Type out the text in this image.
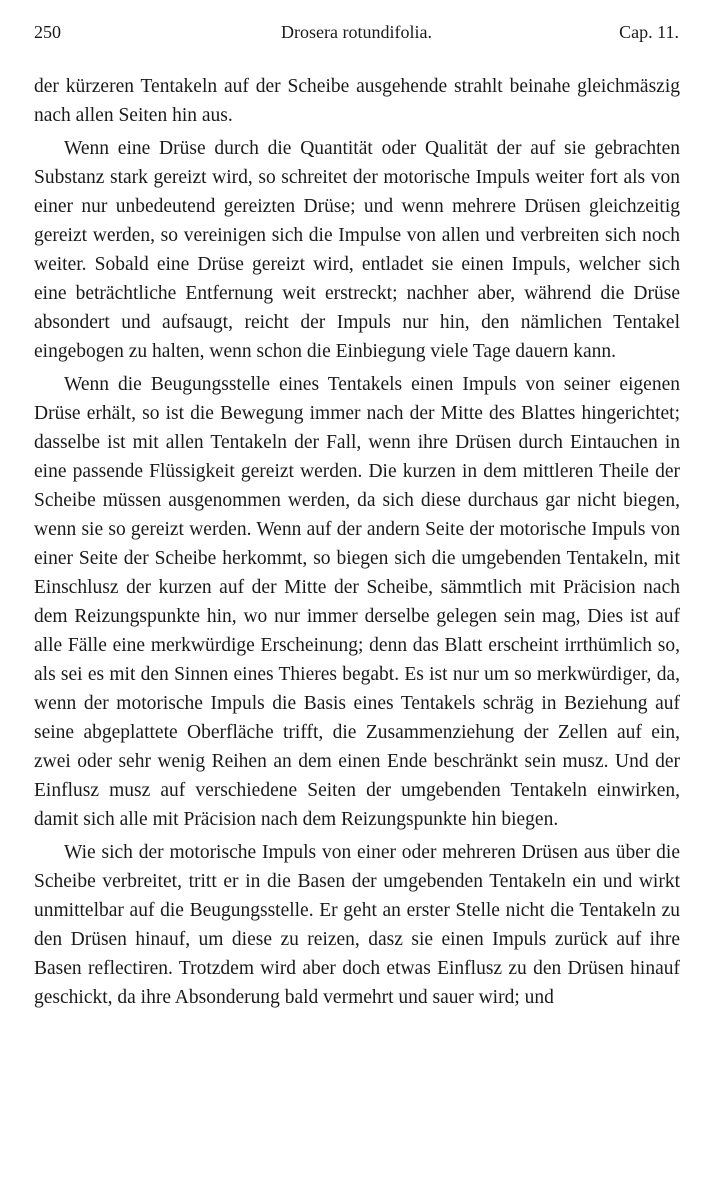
250	Drosera rotundifolia.	Cap. 11.

der kürzeren Tentakeln auf der Scheibe ausgehende strahlt beinahe gleichmäszig nach allen Seiten hin aus.

Wenn eine Drüse durch die Quantität oder Qualität der auf sie gebrachten Substanz stark gereizt wird, so schreitet der motorische Impuls weiter fort als von einer nur unbedeutend gereizten Drüse; und wenn mehrere Drüsen gleichzeitig gereizt werden, so vereinigen sich die Impulse von allen und verbreiten sich noch weiter. Sobald eine Drüse gereizt wird, entladet sie einen Impuls, welcher sich eine beträchtliche Entfernung weit erstreckt; nachher aber, während die Drüse absondert und aufsaugt, reicht der Impuls nur hin, den nämlichen Tentakel eingebogen zu halten, wenn schon die Einbiegung viele Tage dauern kann.

Wenn die Beugungsstelle eines Tentakels einen Impuls von seiner eigenen Drüse erhält, so ist die Bewegung immer nach der Mitte des Blattes hingerichtet; dasselbe ist mit allen Tentakeln der Fall, wenn ihre Drüsen durch Eintauchen in eine passende Flüssigkeit gereizt werden. Die kurzen in dem mittleren Theile der Scheibe müssen ausgenommen werden, da sich diese durchaus gar nicht biegen, wenn sie so gereizt werden. Wenn auf der andern Seite der motorische Impuls von einer Seite der Scheibe herkommt, so biegen sich die umgebenden Tentakeln, mit Einschlusz der kurzen auf der Mitte der Scheibe, sämmtlich mit Präcision nach dem Reizungspunkte hin, wo nur immer derselbe gelegen sein mag, Dies ist auf alle Fälle eine merkwürdige Erscheinung; denn das Blatt erscheint irrthümlich so, als sei es mit den Sinnen eines Thieres begabt. Es ist nur um so merkwürdiger, da, wenn der motorische Impuls die Basis eines Tentakels schräg in Beziehung auf seine abgeplattete Oberfläche trifft, die Zusammenziehung der Zellen auf ein, zwei oder sehr wenig Reihen an dem einen Ende beschränkt sein musz. Und der Einflusz musz auf verschiedene Seiten der umgebenden Tentakeln einwirken, damit sich alle mit Präcision nach dem Reizungspunkte hin biegen.

Wie sich der motorische Impuls von einer oder mehreren Drüsen aus über die Scheibe verbreitet, tritt er in die Basen der umgebenden Tentakeln ein und wirkt unmittelbar auf die Beugungsstelle. Er geht an erster Stelle nicht die Tentakeln zu den Drüsen hinauf, um diese zu reizen, dasz sie einen Impuls zurück auf ihre Basen reflectiren. Trotzdem wird aber doch etwas Einflusz zu den Drüsen hinauf geschickt, da ihre Absonderung bald vermehrt und sauer wird; und
